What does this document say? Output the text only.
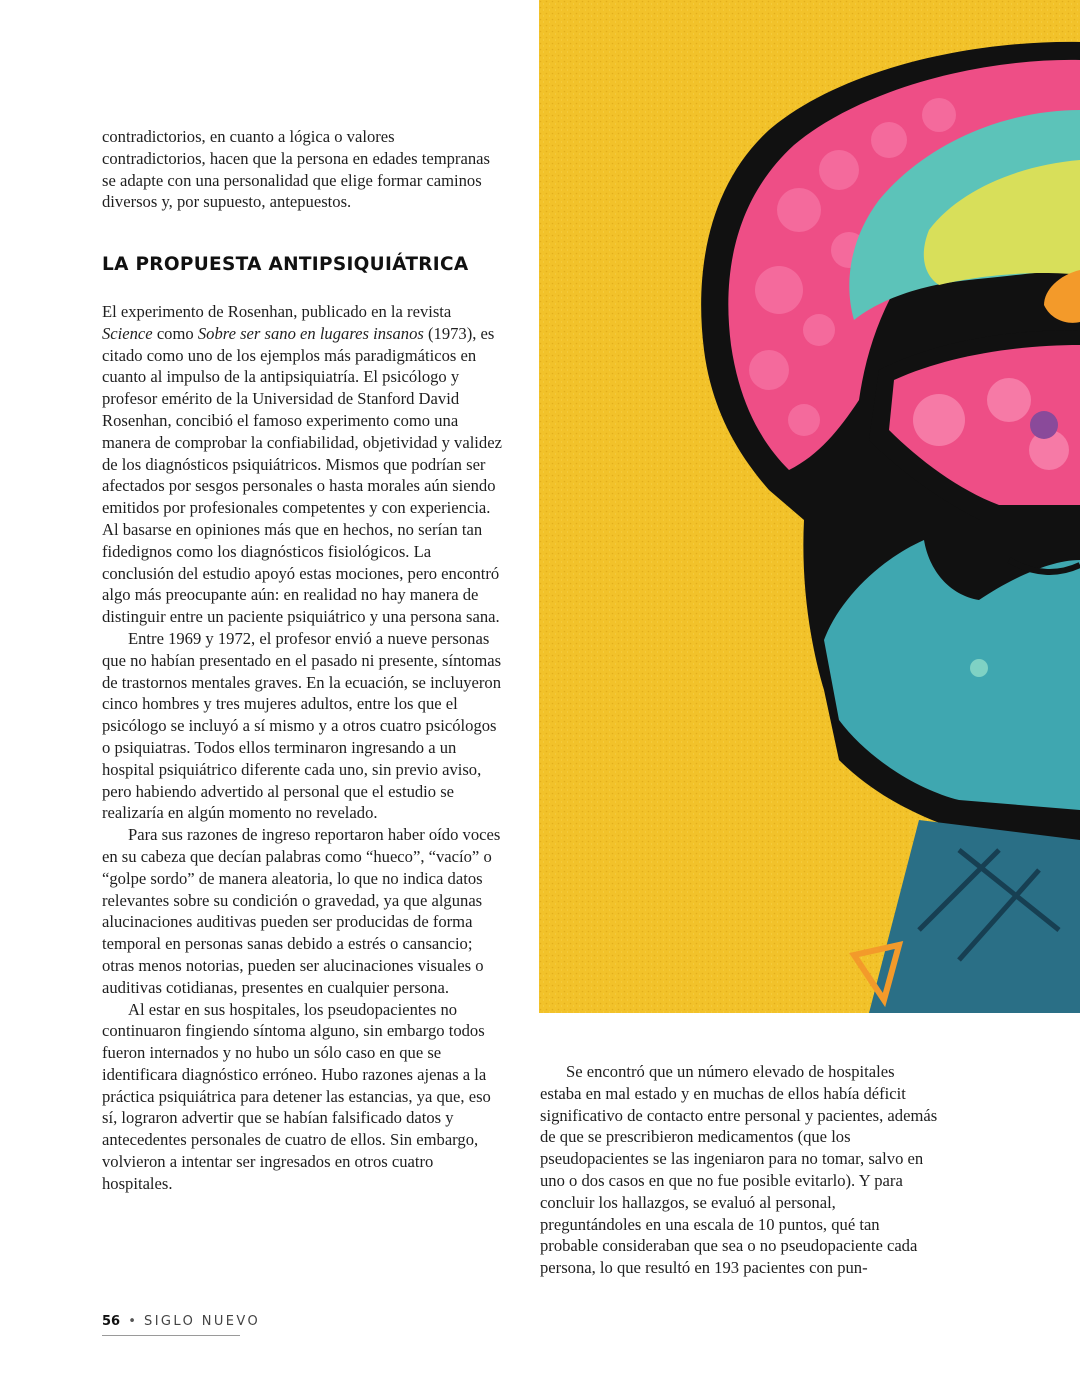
contradictorios, en cuanto a lógica o valores contradictorios, hacen que la persona en edades tempranas se adapte con una personalidad que elige formar caminos diversos y, por supuesto, antepuestos.

LA PROPUESTA ANTIPSIQUIÁTRICA

El experimento de Rosenhan, publicado en la revista Science como Sobre ser sano en lugares insanos (1973), es citado como uno de los ejemplos más paradigmáticos en cuanto al impulso de la antipsiquiatría. El psicólogo y profesor emérito de la Universidad de Stanford David Rosenhan, concibió el famoso experimento como una manera de comprobar la confiabilidad, objetividad y validez de los diagnósticos psiquiátricos. Mismos que podrían ser afectados por sesgos personales o hasta morales aún siendo emitidos por profesionales competentes y con experiencia. Al basarse en opiniones más que en hechos, no serían tan fidedignos como los diagnósticos fisiológicos. La conclusión del estudio apoyó estas mociones, pero encontró algo más preocupante aún: en realidad no hay manera de distinguir entre un paciente psiquiátrico y una persona sana.

Entre 1969 y 1972, el profesor envió a nueve personas que no habían presentado en el pasado ni presente, síntomas de trastornos mentales graves. En la ecuación, se incluyeron cinco hombres y tres mujeres adultos, entre los que el psicólogo se incluyó a sí mismo y a otros cuatro psicólogos o psiquiatras. Todos ellos terminaron ingresando a un hospital psiquiátrico diferente cada uno, sin previo aviso, pero habiendo advertido al personal que el estudio se realizaría en algún momento no revelado.

Para sus razones de ingreso reportaron haber oído voces en su cabeza que decían palabras como “hueco”, “vacío” o “golpe sordo” de manera aleatoria, lo que no indica datos relevantes sobre su condición o gravedad, ya que algunas alucinaciones auditivas pueden ser producidas de forma temporal en personas sanas debido a estrés o cansancio; otras menos notorias, pueden ser alucinaciones visuales o auditivas cotidianas, presentes en cualquier persona.

Al estar en sus hospitales, los pseudopacientes no continuaron fingiendo síntoma alguno, sin embargo todos fueron internados y no hubo un sólo caso en que se identificara diagnóstico erróneo. Hubo razones ajenas a la práctica psiquiátrica para detener las estancias, ya que, eso sí, lograron advertir que se habían falsificado datos y antecedentes personales de cuatro de ellos. Sin embargo, volvieron a intentar ser ingresados en otros cuatro hospitales.

Se encontró que un número elevado de hospitales estaba en mal estado y en muchas de ellos había déficit significativo de contacto entre personal y pacientes, además de que se prescribieron medicamentos (que los pseudopacientes se las ingeniaron para no tomar, salvo en uno o dos casos en que no fue posible evitarlo). Y para concluir los hallazgos, se evaluó al personal, preguntándoles en una escala de 10 puntos, qué tan probable consideraban que sea o no pseudopaciente cada persona, lo que resultó en 193 pacientes con pun-

56 • SIGLO NUEVO
